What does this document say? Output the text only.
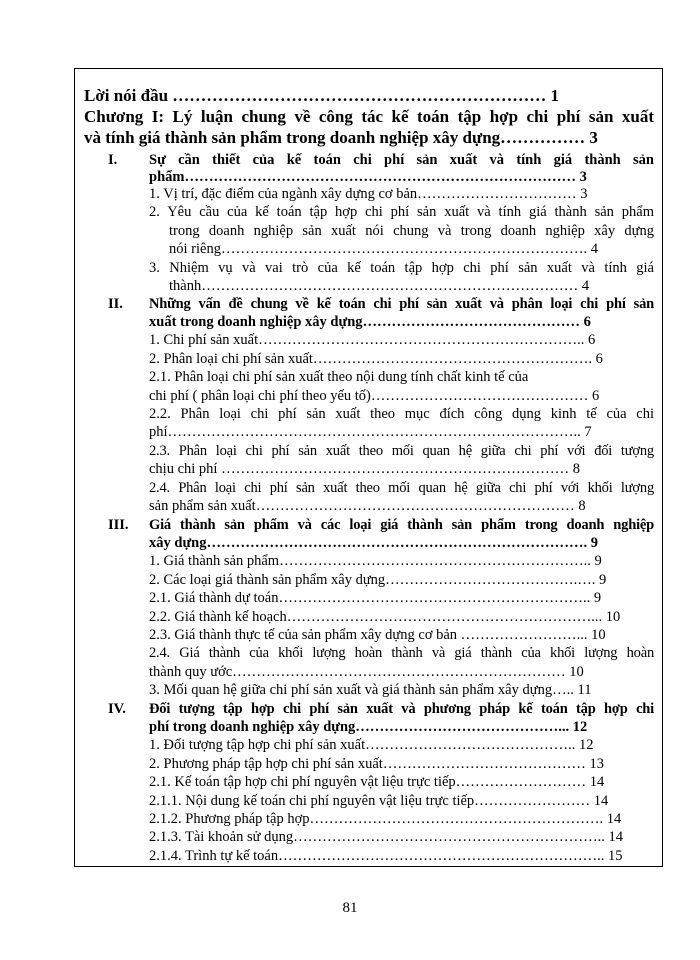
Lời nói đầu ………………………………………………………… 1
Chương I: Lý luận chung về công tác kế toán tập hợp chi phí sản xuất
và tính giá thành sản phẩm trong doanh nghiệp xây dựng…………… 3
I. Sự cần thiết của kế toán chi phí sản xuất và tính giá thành sản
phẩm……………………………………………………………………… 3
1. Vị trí, đặc điểm của ngành xây dựng cơ bản…………………………… 3
2. Yêu cầu của kế toán tập hợp chi phí sản xuất và tính giá thành sản phẩm
trong doanh nghiệp sản xuất nói chung và trong doanh nghiệp xây dựng
nói riêng…………………………………………………………………. 4
3. Nhiệm vụ và vai trò của kế toán tập hợp chi phí sản xuất và tính giá
thành…………………………………………………………………… 4
II. Những vấn đề chung về kế toán chi phí sản xuất và phân loại chi phí sản
xuất trong doanh nghiệp xây dựng……………………………………… 6
1. Chi phí sản xuất………………………………………………………….. 6
2. Phân loại chi phí sản xuất…………………………………………………. 6
2.1. Phân loại chi phí sản xuất theo nội dung tính chất kinh tế của
chi phí ( phân loại chi phí theo yếu tố)……………………………………… 6
2.2. Phân loại chi phí sản xuất theo mục đích công dụng kinh tế của chi
phí………………………………………………………………………….. 7
2.3. Phân loại chi phí sản xuất theo mối quan hệ giữa chi phí với đối tượng
chịu chi phí ……………………………………………………………… 8
2.4. Phân loại chi phí sản xuất theo mối quan hệ giữa chi phí với khối lượng
sản phẩm sản xuất………………………………………………………… 8
III. Giá thành sản phẩm và các loại giá thành sản phẩm trong doanh nghiệp
xây dựng……………………………………………………………………. 9
1. Giá thành sản phẩm……………………………………………………….. 9
2. Các loại giá thành sản phẩm xây dựng………………………………….…. 9
2.1. Giá thành dự toán……………………………………………………….. 9
2.2. Giá thành kế hoạch………………………………………………………... 10
2.3. Giá thành thực tế của sản phẩm xây dựng cơ bản ……………………... 10
2.4. Giá thành của khối lượng hoàn thành và giá thành của khối lượng hoàn
thành quy ước…………………………………………………………… 10
3. Mối quan hệ giữa chi phí sản xuất và giá thành sản phẩm xây dựng….. 11
IV. Đối tượng tập hợp chi phí sản xuất và phương pháp kế toán tập hợp chi
phí trong doanh nghiệp xây dựng……………………………………... 12
1. Đối tượng tập hợp chi phí sản xuất…………………………………….. 12
2. Phương pháp tập hợp chi phí sản xuất…………………………………… 13
2.1. Kế toán tập hợp chi phí nguyên vật liệu trực tiếp……………………… 14
2.1.1. Nội dung kế toán chi phí nguyên vật liệu trực tiếp…………………… 14
2.1.2. Phương pháp tập hợp……………………………………………………. 14
2.1.3. Tài khoản sử dụng……………………………………………………….. 14
2.1.4. Trình tự kế toán………………………………………………………….. 15
81
